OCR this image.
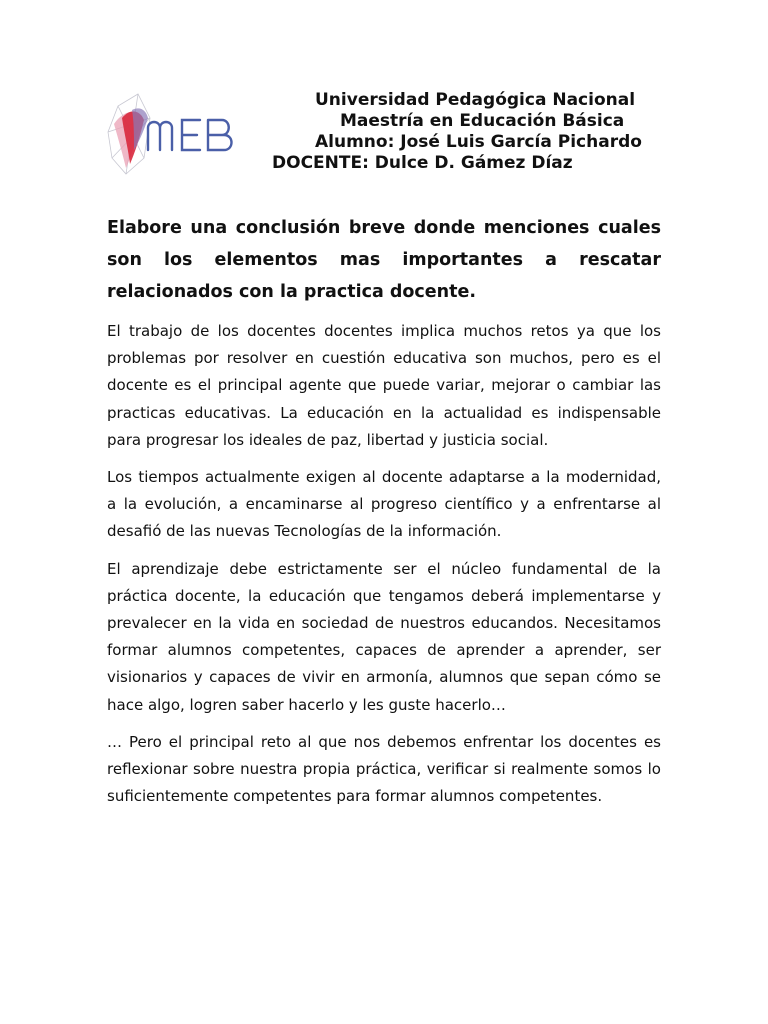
Universidad Pedagógica Nacional
Maestría en Educación Básica
Alumno: José Luis García Pichardo
DOCENTE: Dulce D. Gámez Díaz
Elabore una conclusión breve donde menciones cuales son los elementos mas importantes a rescatar relacionados con la practica docente.

El trabajo de los docentes docentes implica muchos retos ya que los problemas por resolver en cuestión educativa son muchos, pero es el docente es el principal agente que puede variar, mejorar o cambiar las practicas educativas. La educación en la actualidad es indispensable para progresar los ideales de paz, libertad y justicia social.

Los tiempos actualmente exigen al docente adaptarse a la modernidad, a la evolución, a encaminarse al progreso científico y a enfrentarse al desafió de las nuevas Tecnologías de la información.

El aprendizaje debe estrictamente ser el núcleo fundamental de la práctica docente, la educación que tengamos deberá implementarse y prevalecer en la vida en sociedad de nuestros educandos. Necesitamos formar alumnos competentes, capaces de aprender a aprender, ser visionarios y capaces de vivir en armonía, alumnos que sepan cómo se hace algo, logren saber hacerlo y les guste hacerlo…

… Pero el principal reto al que nos debemos enfrentar los docentes es reflexionar sobre nuestra propia práctica, verificar si realmente somos lo suficientemente competentes para formar alumnos competentes.
